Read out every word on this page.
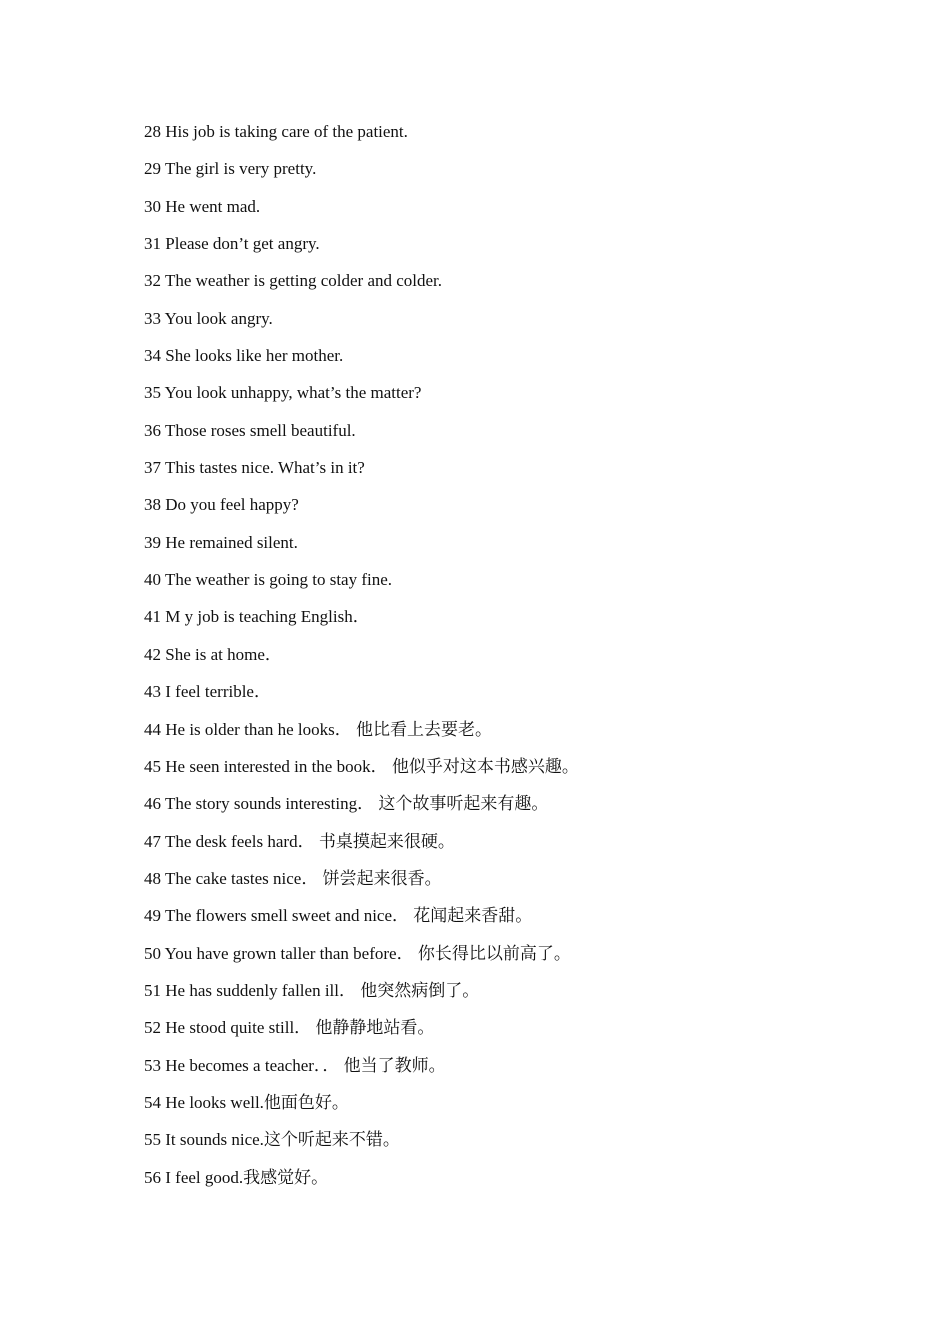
28 His job is taking care of the patient.
29 The girl is very pretty.
30 He went mad.
31 Please don’t get angry.
32 The weather is getting colder and colder.
33 You look angry.
34 She looks like her mother.
35 You look unhappy, what’s the matter?
36 Those roses smell beautiful.
37 This tastes nice. What’s in it?
38 Do you feel happy?
39 He remained silent.
40 The weather is going to stay fine.
41 M y job is teaching English．
42 She is at home．
43 I feel terrible．
44 He is older than he looks． 他比看上去要老。
45 He seen interested in the book． 他似乎对这本书感兴趣。
46 The story sounds interesting． 这个故事听起来有趣。
47 The desk feels hard． 书桌摸起来很硬。
48 The cake tastes nice． 饼尝起来很香。
49 The flowers smell sweet and nice． 花闻起来香甜。
50 You have grown taller than before． 你长得比以前高了。
51 He has suddenly fallen ill． 他突然病倒了。
52 He stood quite still． 他静静地站看。
53 He becomes a teacher．． 他当了教师。
54 He looks well.他面色好。
55 It sounds nice.这个听起来不错。
56 I feel good.我感觉好。
